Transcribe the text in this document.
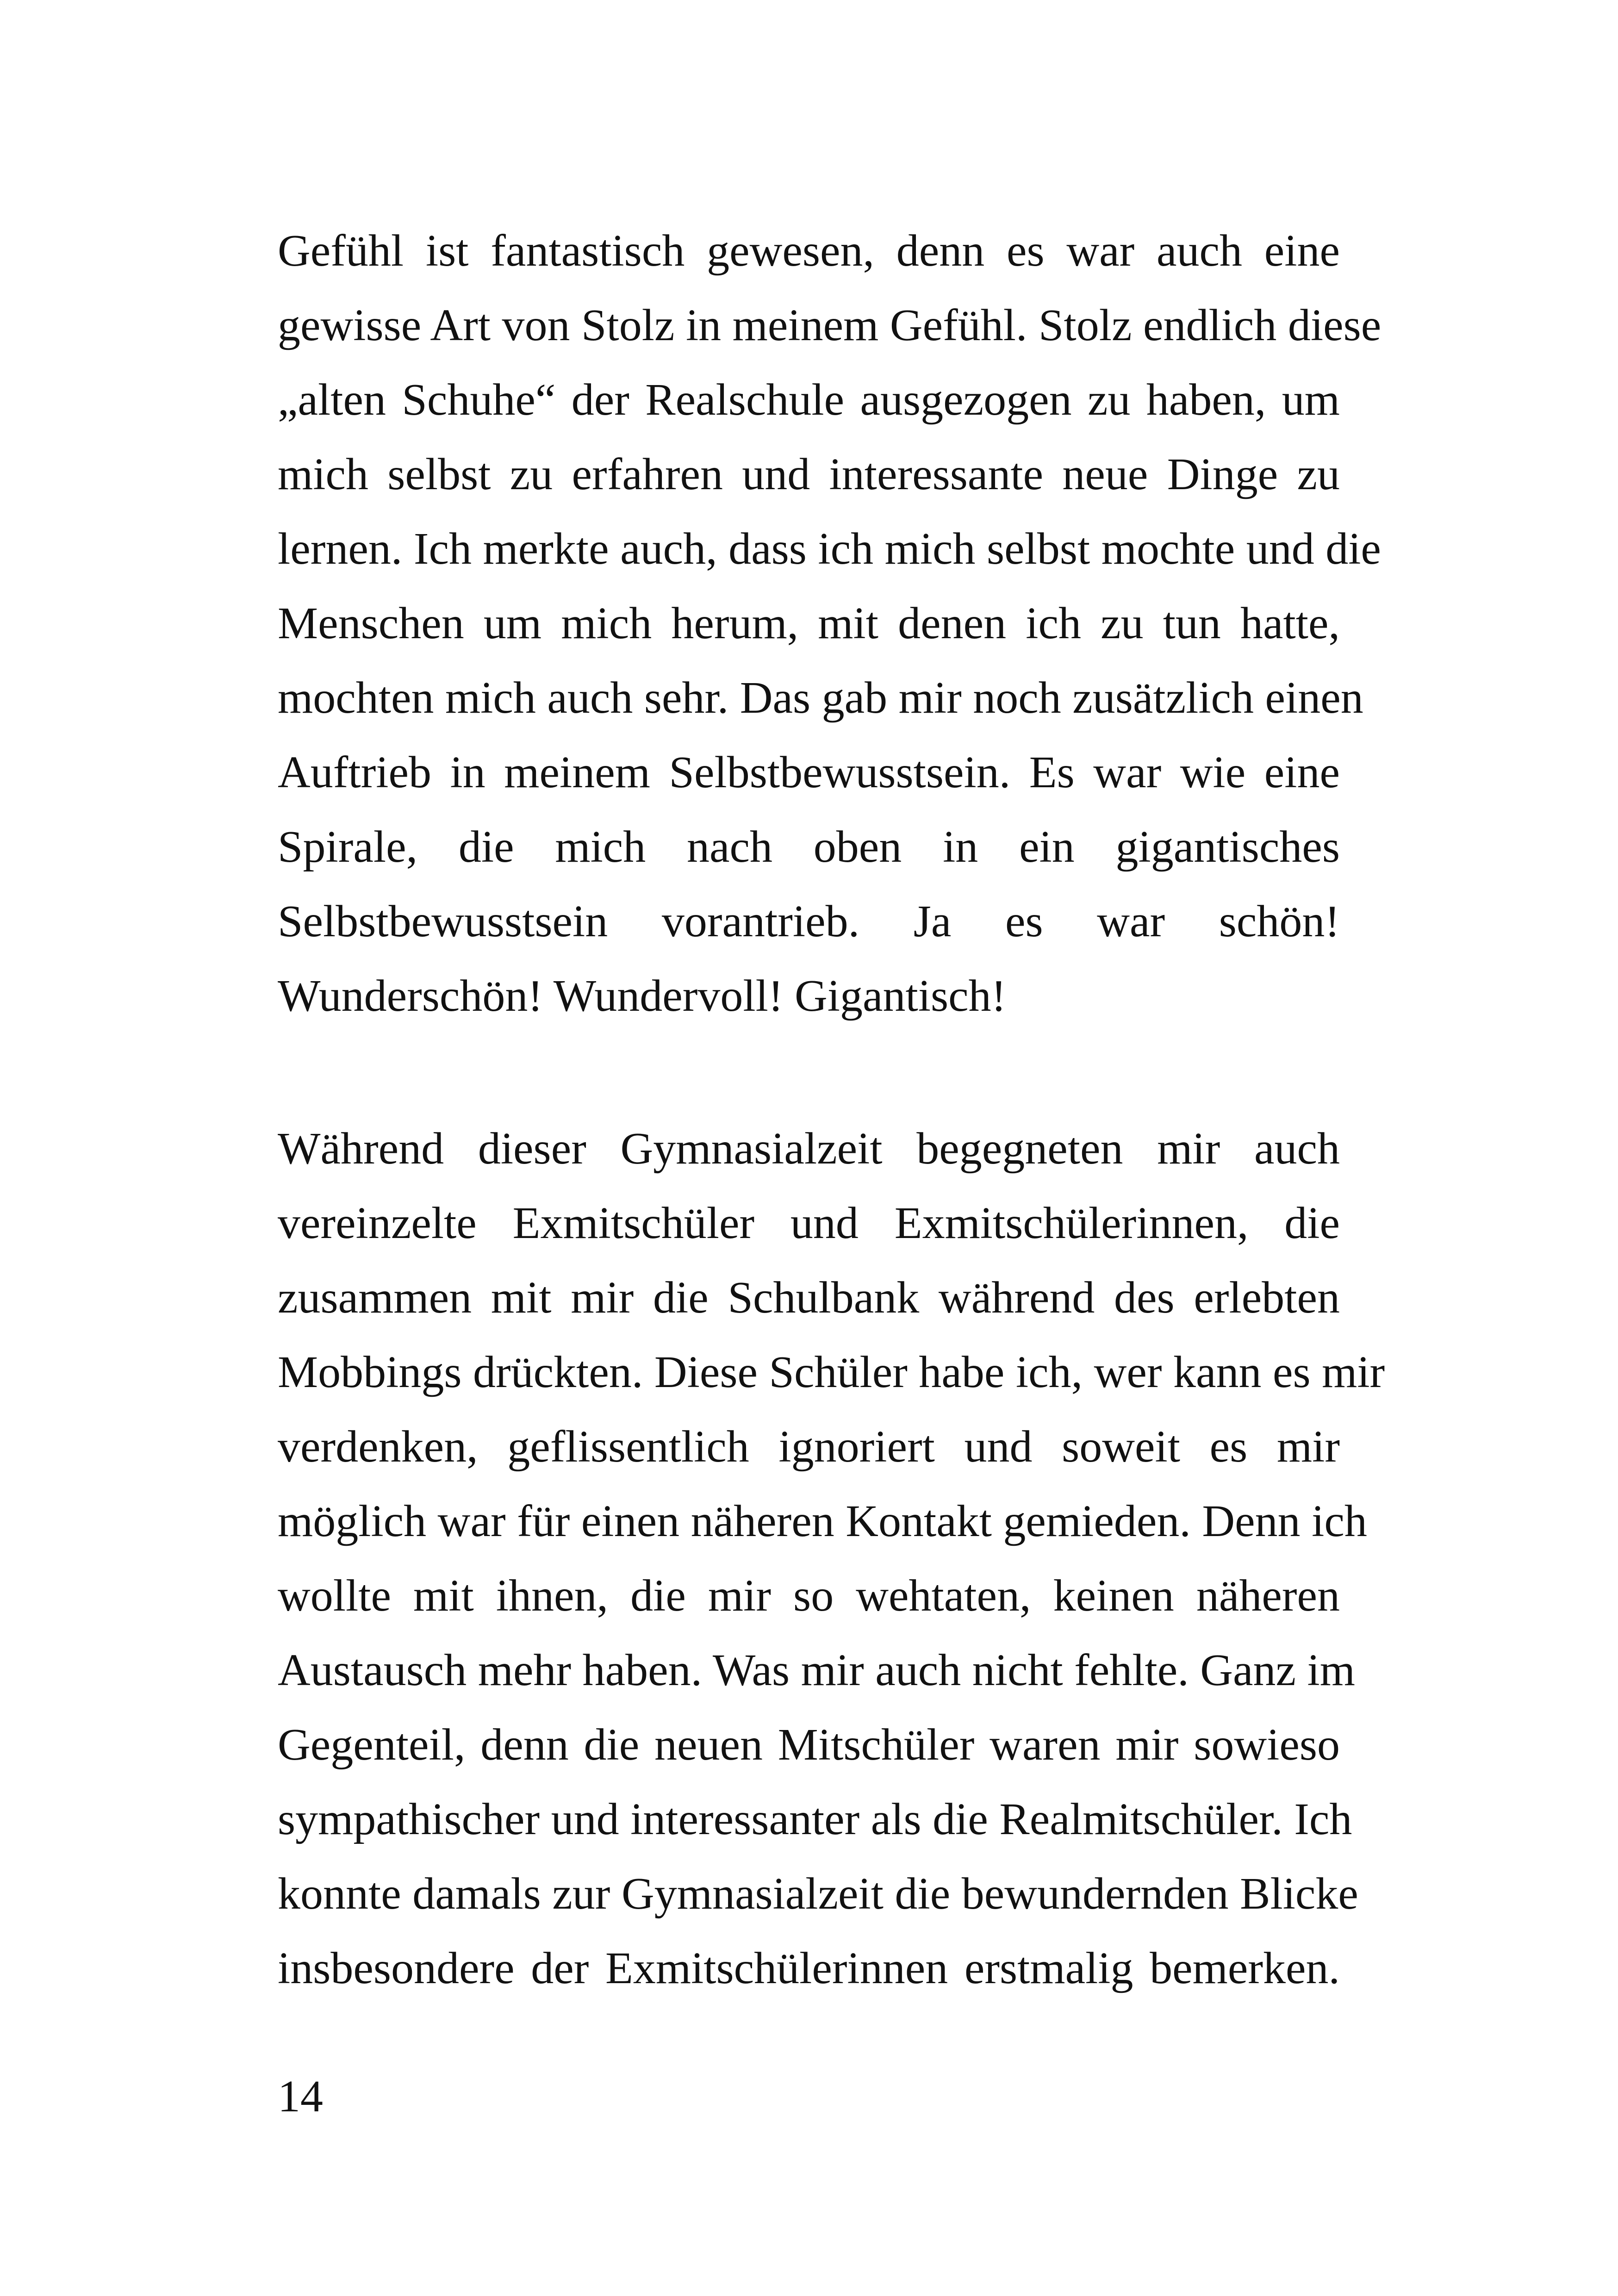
Gefühl ist fantastisch gewesen, denn es war auch eine
gewisse Art von Stolz in meinem Gefühl. Stolz endlich diese
„alten Schuhe“ der Realschule ausgezogen zu haben, um
mich selbst zu erfahren und interessante neue Dinge zu
lernen. Ich merkte auch, dass ich mich selbst mochte und die
Menschen um mich herum, mit denen ich zu tun hatte,
mochten mich auch sehr. Das gab mir noch zusätzlich einen
Auftrieb in meinem Selbstbewusstsein. Es war wie eine
Spirale, die mich nach oben in ein gigantisches
Selbstbewusstsein vorantrieb. Ja es war schön!
Wunderschön! Wundervoll! Gigantisch!

Während dieser Gymnasialzeit begegneten mir auch
vereinzelte Exmitschüler und Exmitschülerinnen, die
zusammen mit mir die Schulbank während des erlebten
Mobbings drückten. Diese Schüler habe ich, wer kann es mir
verdenken, geflissentlich ignoriert und soweit es mir
möglich war für einen näheren Kontakt gemieden. Denn ich
wollte mit ihnen, die mir so wehtaten, keinen näheren
Austausch mehr haben. Was mir auch nicht fehlte. Ganz im
Gegenteil, denn die neuen Mitschüler waren mir sowieso
sympathischer und interessanter als die Realmitschüler. Ich
konnte damals zur Gymnasialzeit die bewundernden Blicke
insbesondere der Exmitschülerinnen erstmalig bemerken.

14
